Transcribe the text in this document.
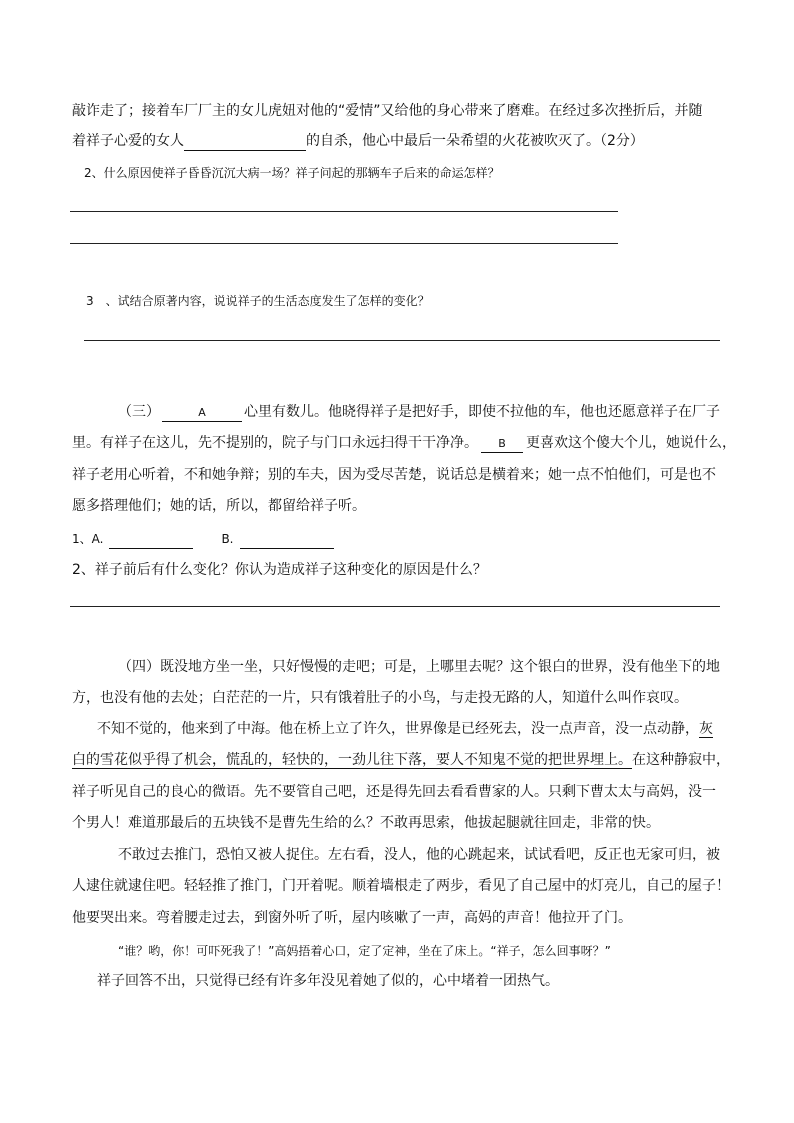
敲诈走了；接着车厂厂主的女儿虎妞对他的“爱情”又给他的身心带来了磨难。在经过多次挫折后，并随
着祥子心爱的女人	的自杀，他心中最后一朵希望的火花被吹灭了。（2分）
2、什么原因使祥子昏昏沉沉大病一场？祥子问起的那辆车子后来的命运怎样？
3　、试结合原著内容，说说祥子的生活态度发生了怎样的变化？
（三）	A	心里有数儿。他晓得祥子是把好手，即使不拉他的车，他也还愿意祥子在厂子
里。有祥子在这儿，先不提别的，院子与门口永远扫得干干净净。 B 更喜欢这个傻大个儿，她说什么，
祥子老用心听着，不和她争辩；别的车夫，因为受尽苦楚，说话总是横着来；她一点不怕他们，可是也不
愿多搭理他们；她的话，所以，都留给祥子听。
1、A.	B.
2、祥子前后有什么变化？你认为造成祥子这种变化的原因是什么？
（四）既没地方坐一坐，只好慢慢的走吧；可是，上哪里去呢？这个银白的世界，没有他坐下的地
方，也没有他的去处；白茫茫的一片，只有饿着肚子的小鸟，与走投无路的人，知道什么叫作哀叹。
不知不觉的，他来到了中海。他在桥上立了许久，世界像是已经死去，没一点声音，没一点动静，灰
白的雪花似乎得了机会，慌乱的，轻快的，一劲儿往下落，要人不知鬼不觉的把世界埋上。在这种静寂中，
祥子听见自己的良心的微语。先不要管自己吧，还是得先回去看看曹家的人。只剩下曹太太与高妈，没一
个男人！难道那最后的五块钱不是曹先生给的么？不敢再思索，他拔起腿就往回走，非常的快。
不敢过去推门，恐怕又被人捉住。左右看，没人，他的心跳起来，试试看吧，反正也无家可归，被
人逮住就逮住吧。轻轻推了推门，门开着呢。顺着墙根走了两步，看见了自己屋中的灯亮儿，自己的屋子！
他要哭出来。弯着腰走过去，到窗外听了听，屋内咳嗽了一声，高妈的声音！他拉开了门。
“谁？哟，你！可吓死我了！”高妈捂着心口，定了定神，坐在了床上。“祥子，怎么回事呀？”
祥子回答不出，只觉得已经有许多年没见着她了似的，心中堵着一团热气。
